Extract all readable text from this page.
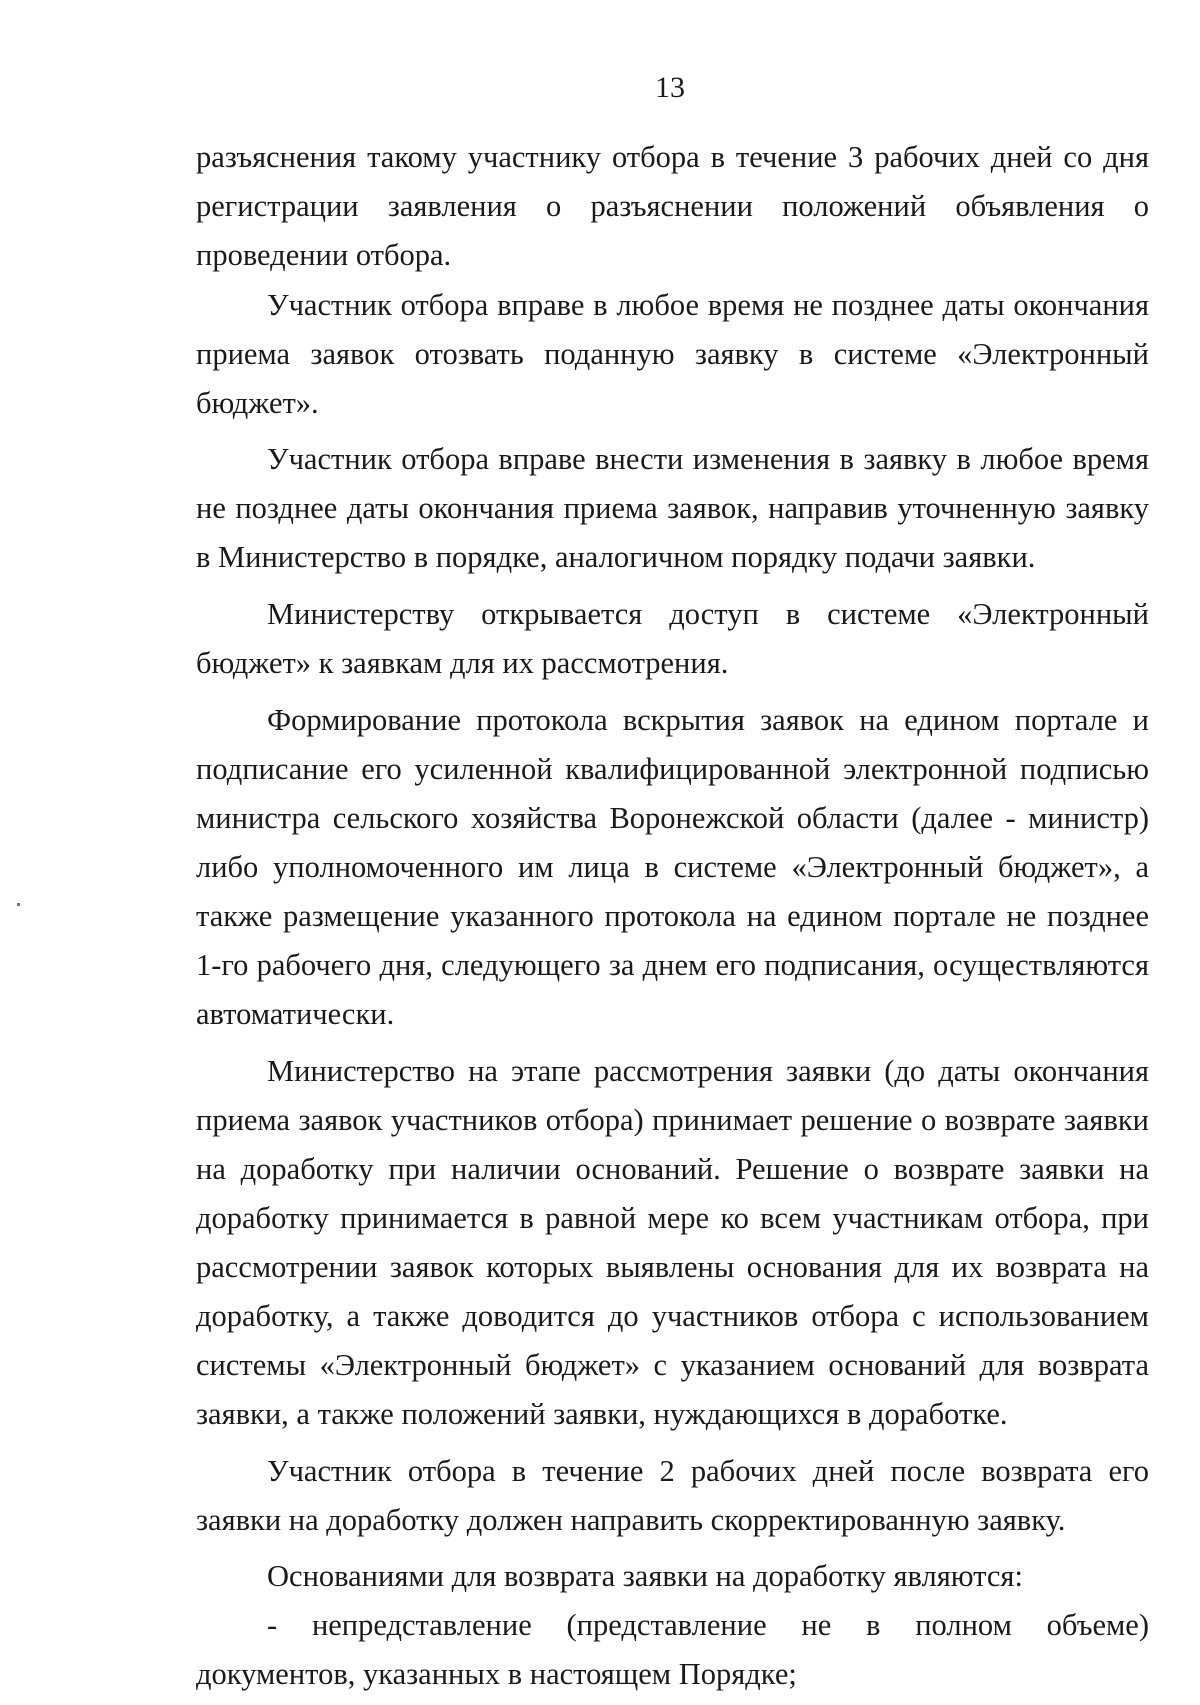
13

разъяснения такому участнику отбора в течение 3 рабочих дней со дня регистрации заявления о разъяснении положений объявления о проведении отбора.

Участник отбора вправе в любое время не позднее даты окончания приема заявок отозвать поданную заявку в системе «Электронный бюджет».

Участник отбора вправе внести изменения в заявку в любое время не позднее даты окончания приема заявок, направив уточненную заявку в Министерство в порядке, аналогичном порядку подачи заявки.

Министерству открывается доступ в системе «Электронный бюджет» к заявкам для их рассмотрения.

Формирование протокола вскрытия заявок на едином портале и подписание его усиленной квалифицированной электронной подписью министра сельского хозяйства Воронежской области (далее - министр) либо уполномоченного им лица в системе «Электронный бюджет», а также размещение указанного протокола на едином портале не позднее 1-го рабочего дня, следующего за днем его подписания, осуществляются автоматически.

Министерство на этапе рассмотрения заявки (до даты окончания приема заявок участников отбора) принимает решение о возврате заявки на доработку при наличии оснований. Решение о возврате заявки на доработку принимается в равной мере ко всем участникам отбора, при рассмотрении заявок которых выявлены основания для их возврата на доработку, а также доводится до участников отбора с использованием системы «Электронный бюджет» с указанием оснований для возврата заявки, а также положений заявки, нуждающихся в доработке.

Участник отбора в течение 2 рабочих дней после возврата его заявки на доработку должен направить скорректированную заявку.

Основаниями для возврата заявки на доработку являются:

- непредставление (представление не в полном объеме) документов, указанных в настоящем Порядке;
